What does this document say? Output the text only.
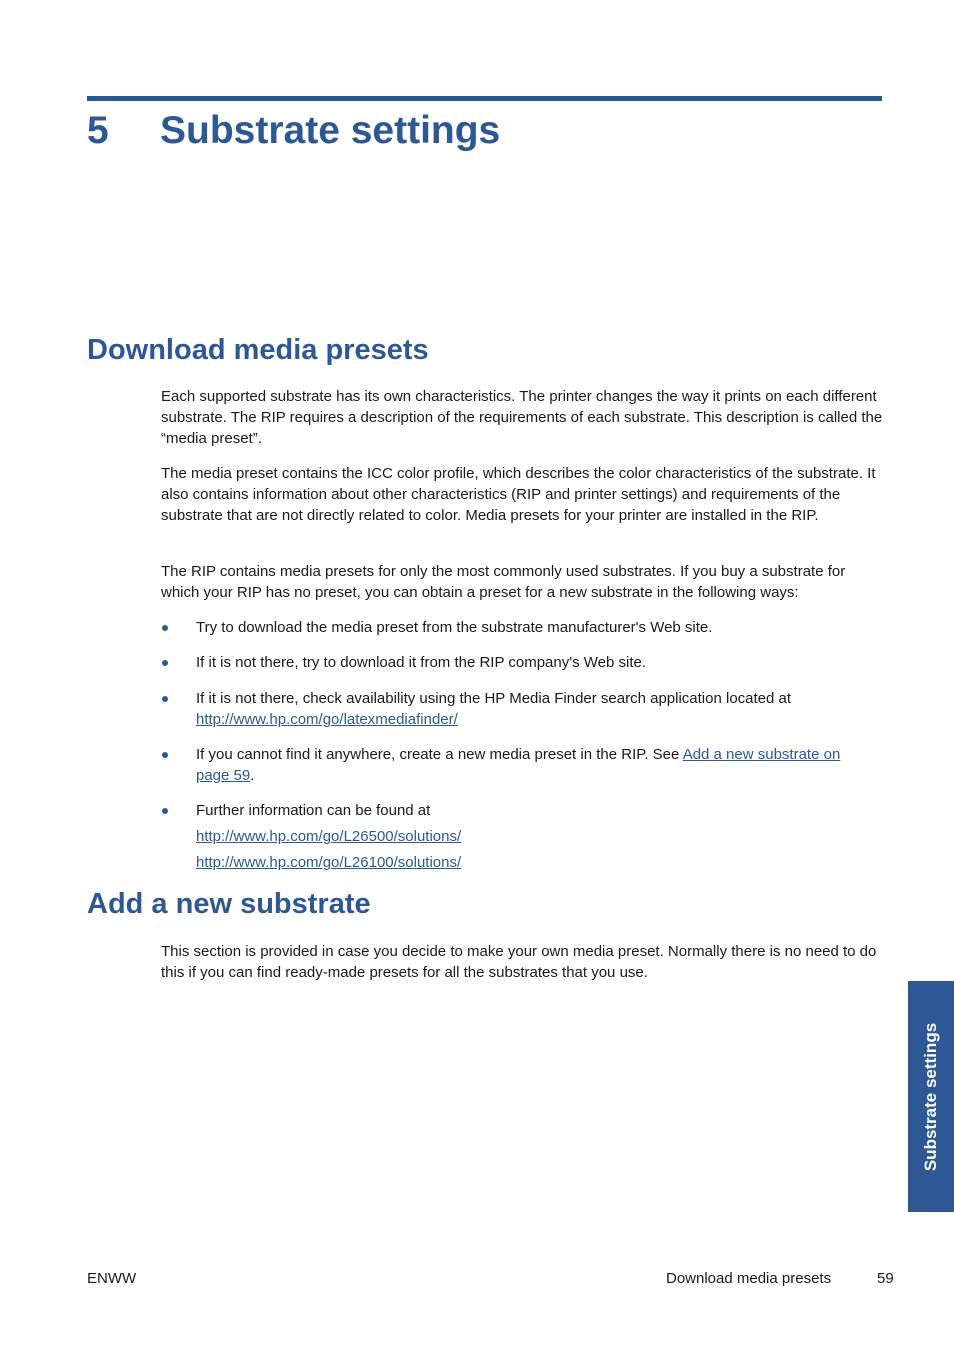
5 Substrate settings
Download media presets

Each supported substrate has its own characteristics. The printer changes the way it prints on each different substrate. The RIP requires a description of the requirements of each substrate. This description is called the “media preset”.

The media preset contains the ICC color profile, which describes the color characteristics of the substrate. It also contains information about other characteristics (RIP and printer settings) and requirements of the substrate that are not directly related to color. Media presets for your printer are installed in the RIP.

The RIP contains media presets for only the most commonly used substrates. If you buy a substrate for which your RIP has no preset, you can obtain a preset for a new substrate in the following ways:

Try to download the media preset from the substrate manufacturer's Web site.
If it is not there, try to download it from the RIP company's Web site.
If it is not there, check availability using the HP Media Finder search application located at http://www.hp.com/go/latexmediafinder/
If you cannot find it anywhere, create a new media preset in the RIP. See Add a new substrate on page 59.
Further information can be found at
http://www.hp.com/go/L26500/solutions/
http://www.hp.com/go/L26100/solutions/
Add a new substrate

This section is provided in case you decide to make your own media preset. Normally there is no need to do this if you can find ready-made presets for all the substrates that you use.

Substrate settings
ENWW	Download media presets	59
